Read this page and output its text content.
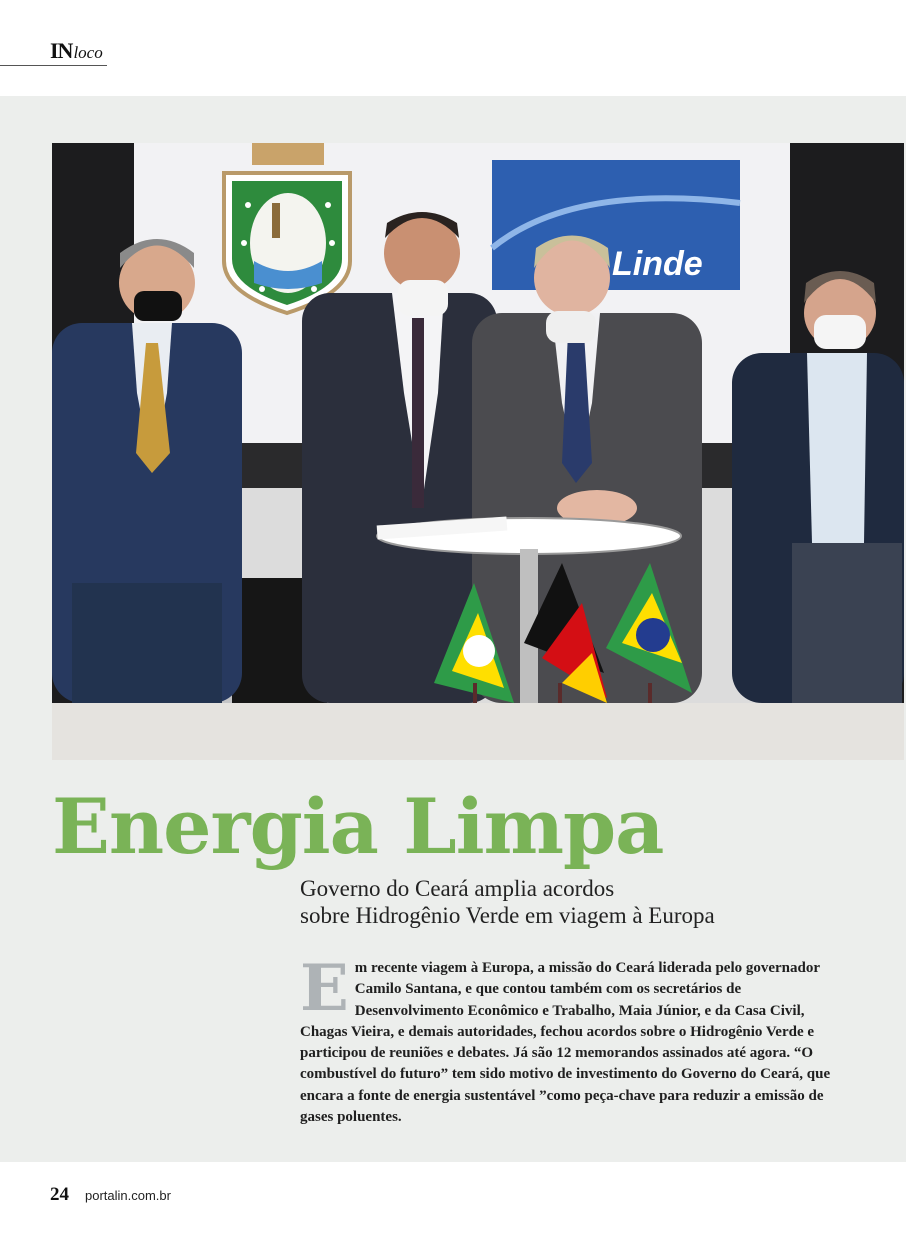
INloco
Linde
Energia Limpa
Governo do Ceará amplia acordos
sobre Hidrogênio Verde em viagem à Europa
Em recente viagem à Europa, a missão do Ceará liderada pelo governador Camilo Santana, e que contou também com os secretários de Desenvolvimento Econômico e Trabalho, Maia Júnior, e da Casa Civil, Chagas Vieira, e demais autoridades, fechou acordos sobre o Hidrogênio Verde e participou de reuniões e debates. Já são 12 memorandos assinados até agora. “O combustível do futuro” tem sido motivo de investimento do Governo do Ceará, que encara a fonte de energia sustentável ”como peça-chave para reduzir a emissão de gases poluentes.
24 portalin.com.br
